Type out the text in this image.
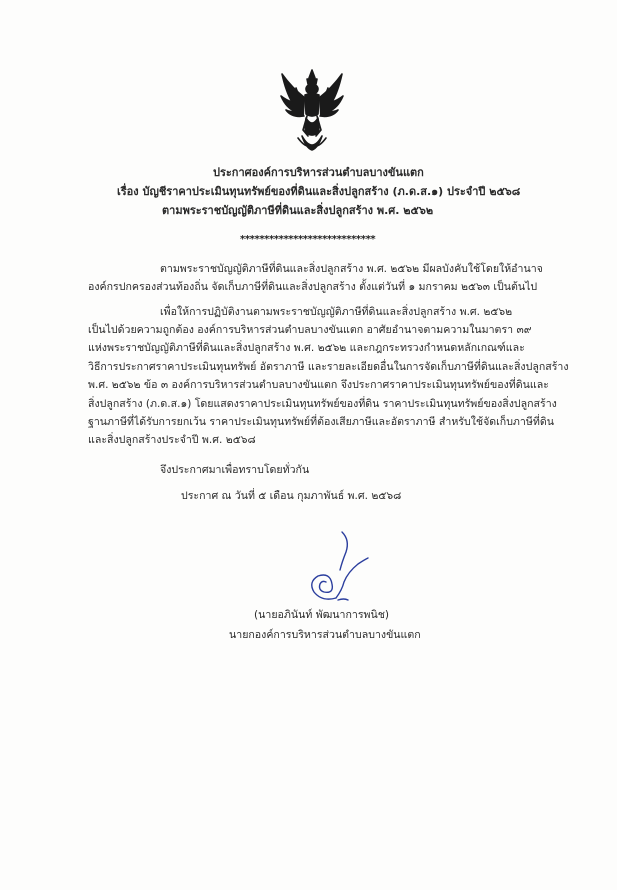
ประกาศองค์การบริหารส่วนตำบลบางขันแตก
เรื่อง บัญชีราคาประเมินทุนทรัพย์ของที่ดินและสิ่งปลูกสร้าง (ภ.ด.ส.๑) ประจำปี ๒๕๖๘
ตามพระราชบัญญัติภาษีที่ดินและสิ่งปลูกสร้าง พ.ศ. ๒๕๖๒
****************************
ตามพระราชบัญญัติภาษีที่ดินและสิ่งปลูกสร้าง พ.ศ. ๒๕๖๒ มีผลบังคับใช้โดยให้อำนาจ
องค์กรปกครองส่วนท้องถิ่น จัดเก็บภาษีที่ดินและสิ่งปลูกสร้าง ตั้งแต่วันที่ ๑ มกราคม ๒๕๖๓ เป็นต้นไป
เพื่อให้การปฏิบัติงานตามพระราชบัญญัติภาษีที่ดินและสิ่งปลูกสร้าง พ.ศ. ๒๕๖๒
เป็นไปด้วยความถูกต้อง องค์การบริหารส่วนตำบลบางขันแตก อาศัยอำนาจตามความในมาตรา ๓๙
แห่งพระราชบัญญัติภาษีที่ดินและสิ่งปลูกสร้าง พ.ศ. ๒๕๖๒ และกฎกระทรวงกำหนดหลักเกณฑ์และ
วิธีการประกาศราคาประเมินทุนทรัพย์ อัตราภาษี และรายละเอียดอื่นในการจัดเก็บภาษีที่ดินและสิ่งปลูกสร้าง
พ.ศ. ๒๕๖๒ ข้อ ๓ องค์การบริหารส่วนตำบลบางขันแตก จึงประกาศราคาประเมินทุนทรัพย์ของที่ดินและ
สิ่งปลูกสร้าง (ภ.ด.ส.๑) โดยแสดงราคาประเมินทุนทรัพย์ของที่ดิน ราคาประเมินทุนทรัพย์ของสิ่งปลูกสร้าง
ฐานภาษีที่ได้รับการยกเว้น ราคาประเมินทุนทรัพย์ที่ต้องเสียภาษีและอัตราภาษี สำหรับใช้จัดเก็บภาษีที่ดิน
และสิ่งปลูกสร้างประจำปี พ.ศ. ๒๕๖๘
จึงประกาศมาเพื่อทราบโดยทั่วกัน
ประกาศ ณ วันที่ ๕ เดือน กุมภาพันธ์ พ.ศ. ๒๕๖๘
(นายอภินันท์ พัฒนาการพนิช)
นายกองค์การบริหารส่วนตำบลบางขันแตก
